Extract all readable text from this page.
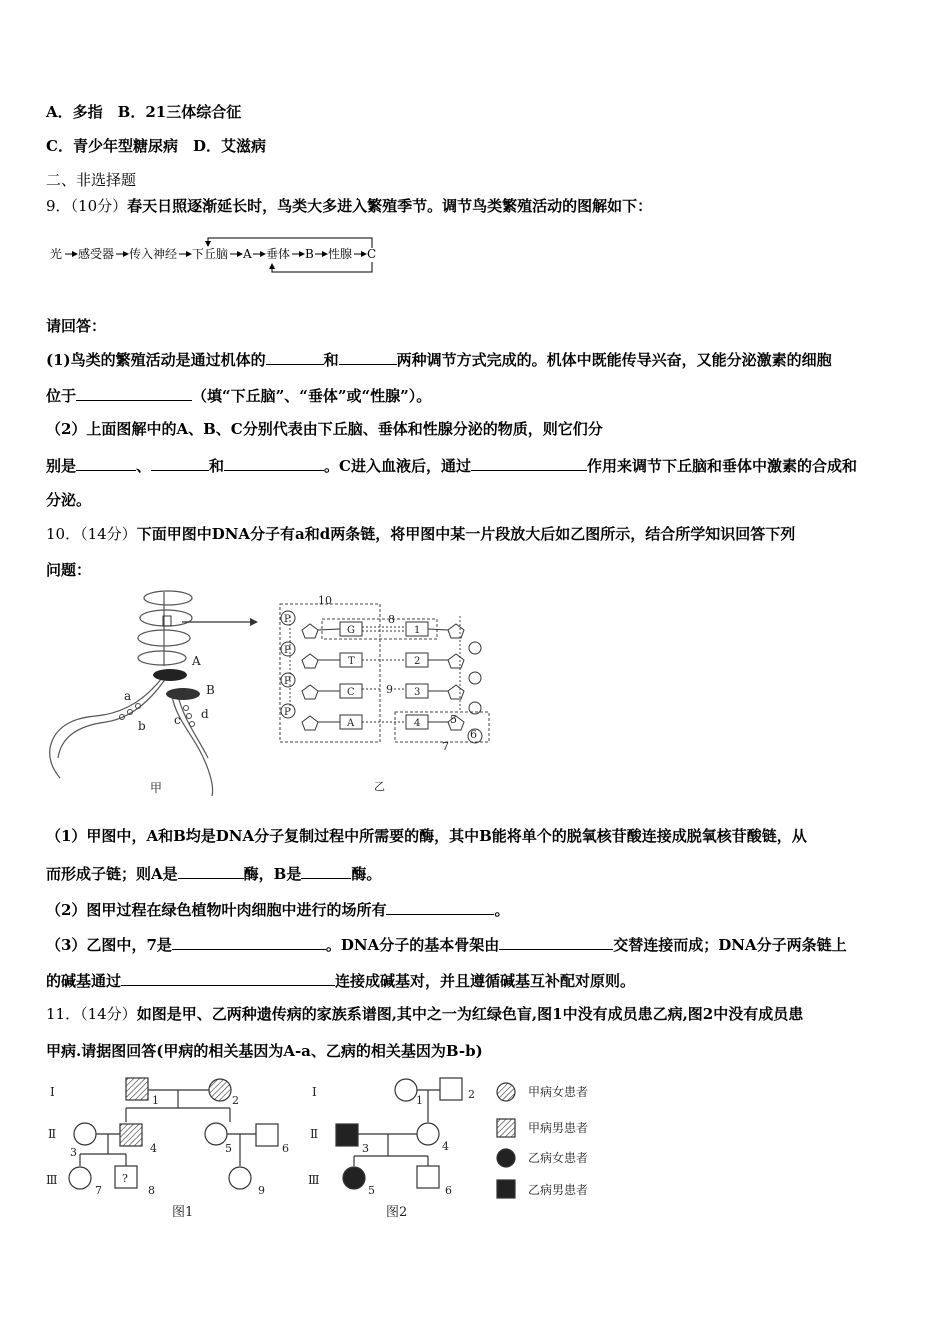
A．多指　B．21三体综合征
C．青少年型糖尿病　D．艾滋病
二、非选择题
9．（10分）春天日照逐渐延长时，鸟类大多进入繁殖季节。调节鸟类繁殖活动的图解如下：
光 感受器 传入神经 下丘脑 A 垂体 B 性腺 C
请回答：
(1)鸟类的繁殖活动是通过机体的	和	两种调节方式完成的。机体中既能传导兴奋，又能分泌激素的细胞
位于	（填“下丘脑”、“垂体”或“性腺”）。
（2）上面图解中的A、B、C分别代表由下丘脑、垂体和性腺分泌的物质，则它们分
别是	、	和	。C进入血液后，通过	作用来调节下丘脑和垂体中激素的合成和
分泌。
10．（14分）下面甲图中DNA分子有a和d两条链，将甲图中某一片段放大后如乙图所示，结合所学知识回答下列
问题：
A
B
a
b c d
甲
10
8
9
5
6
7
乙
P
P
P
P
G
T
C
A
1
2
3
4
（1）甲图中，A和B均是DNA分子复制过程中所需要的酶，其中B能将单个的脱氧核苷酸连接成脱氧核苷酸链，从
而形成子链；则A是	酶，B是	酶。
（2）图甲过程在绿色植物叶肉细胞中进行的场所有	。
（3）乙图中，7是	。DNA分子的基本骨架由	交替连接而成；DNA分子两条链上
的碱基通过	连接成碱基对，并且遵循碱基互补配对原则。
11．（14分）如图是甲、乙两种遗传病的家族系谱图,其中之一为红绿色盲,图1中没有成员患乙病,图2中没有成员患
甲病.请据图回答(甲病的相关基因为A-a、乙病的相关基因为B-b)
Ⅰ
Ⅱ
Ⅲ
Ⅰ
Ⅱ
Ⅲ
1	2
3	4	5	6
7	8	9
?
图1
1	2
3	4
5	6
图2
甲病女患者
甲病男患者
乙病女患者
乙病男患者
